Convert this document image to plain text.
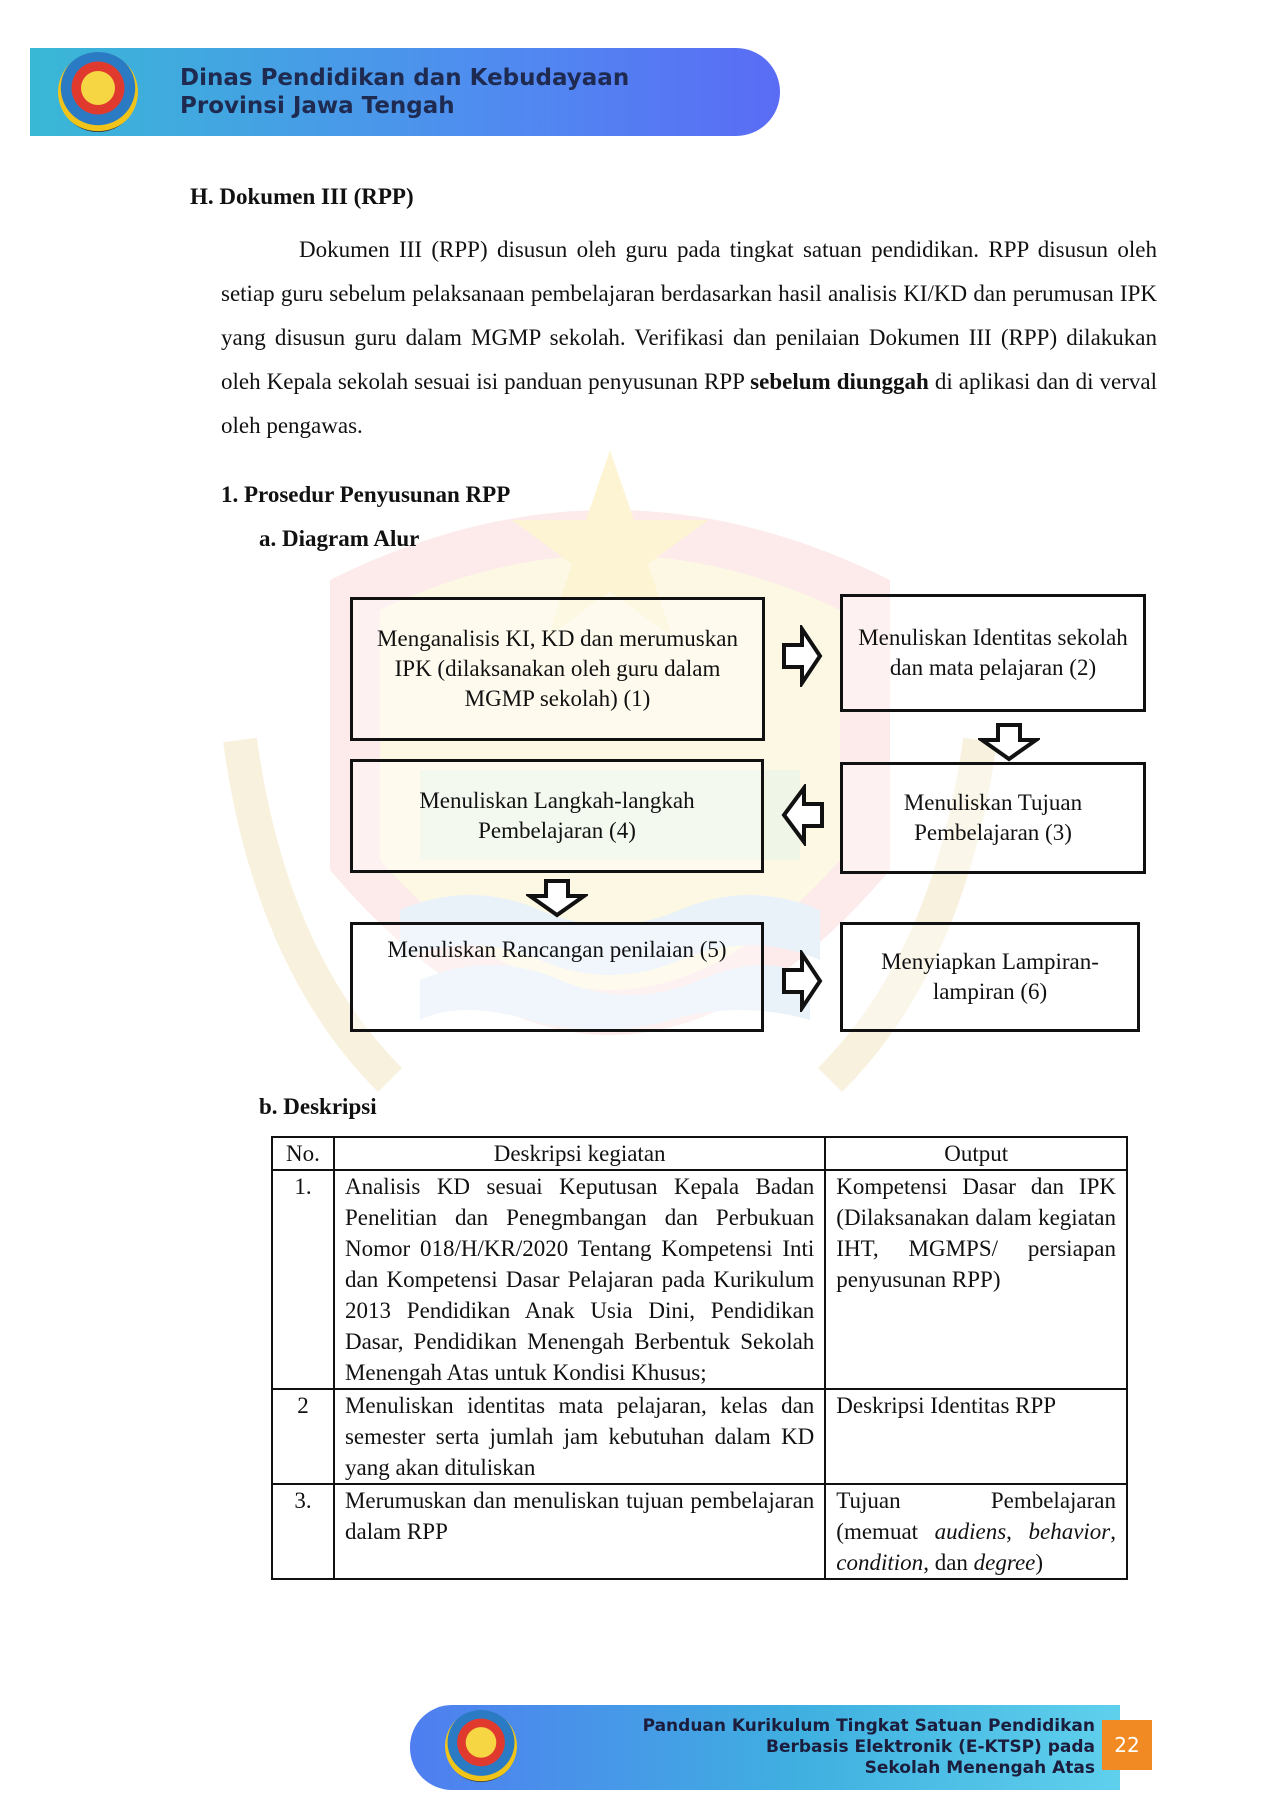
Dinas Pendidikan dan Kebudayaan
Provinsi Jawa Tengah
H. Dokumen III (RPP)
Dokumen III (RPP) disusun oleh guru pada tingkat satuan pendidikan. RPP disusun oleh setiap guru sebelum pelaksanaan pembelajaran berdasarkan hasil analisis KI/KD dan perumusan IPK yang disusun guru dalam MGMP sekolah. Verifikasi dan penilaian Dokumen III (RPP) dilakukan oleh Kepala sekolah sesuai isi panduan penyusunan RPP sebelum diunggah di aplikasi dan di verval oleh pengawas.
1. Prosedur Penyusunan RPP
a. Diagram Alur
Menganalisis KI, KD dan merumuskan IPK (dilaksanakan oleh guru dalam MGMP sekolah) (1)
Menuliskan Identitas sekolah dan mata pelajaran (2)
Menuliskan Tujuan Pembelajaran (3)
Menuliskan Langkah-langkah Pembelajaran (4)
Menuliskan Rancangan penilaian (5)	Menyiapkan Lampiran-lampiran (6)
b. Deskripsi
No.	Deskripsi kegiatan	Output
1.	Analisis KD sesuai Keputusan Kepala Badan Penelitian dan Penegmbangan dan Perbukuan Nomor 018/H/KR/2020 Tentang Kompetensi Inti dan Kompetensi Dasar Pelajaran pada Kurikulum 2013 Pendidikan Anak Usia Dini, Pendidikan Dasar, Pendidikan Menengah Berbentuk Sekolah Menengah Atas untuk Kondisi Khusus;	Kompetensi Dasar dan IPK (Dilaksanakan dalam kegiatan IHT, MGMPS/ persiapan penyusunan RPP)
2	Menuliskan identitas mata pelajaran, kelas dan semester serta jumlah jam kebutuhan dalam KD yang akan dituliskan	Deskripsi Identitas RPP
3.	Merumuskan dan menuliskan tujuan pembelajaran dalam RPP	Tujuan Pembelajaran (memuat audiens, behavior, condition, dan degree)
Panduan Kurikulum Tingkat Satuan Pendidikan
Berbasis Elektronik (E-KTSP) pada
Sekolah Menengah Atas
22
